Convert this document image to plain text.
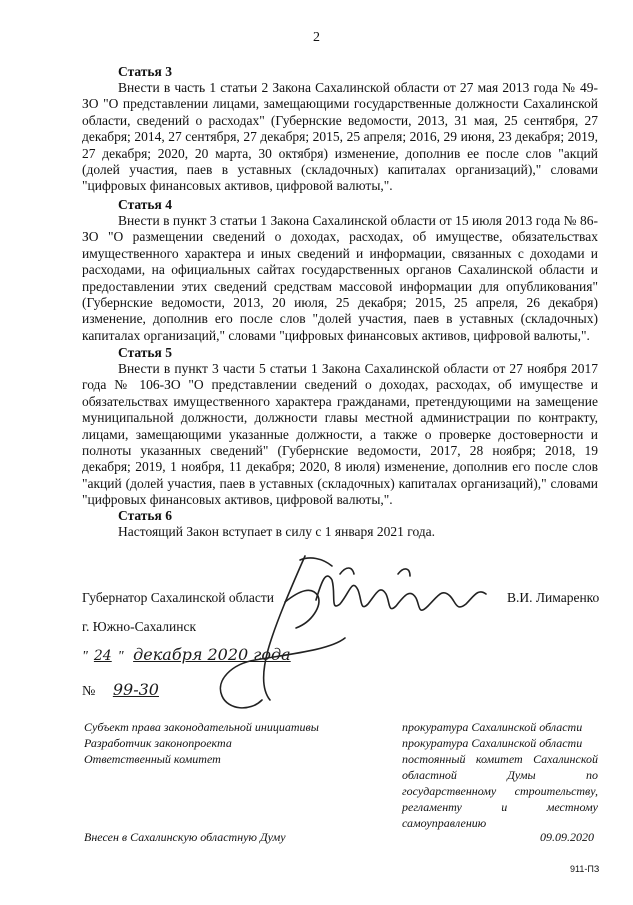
2
Статья 3
Внести в часть 1 статьи 2 Закона Сахалинской области от 27 мая 2013 года № 49-ЗО "О представлении лицами, замещающими государственные должности Сахалинской области, сведений о расходах" (Губернские ведомости, 2013, 31 мая, 25 сентября, 27 декабря; 2014, 27 сентября, 27 декабря; 2015, 25 апреля; 2016, 29 июня, 23 декабря; 2019, 27 декабря; 2020, 20 марта, 30 октября) изменение, дополнив ее после слов "акций (долей участия, паев в уставных (складочных) капиталах организаций)," словами "цифровых финансовых активов, цифровой валюты,".
Статья 4
Внести в пункт 3 статьи 1 Закона Сахалинской области от 15 июля 2013 года № 86-ЗО "О размещении сведений о доходах, расходах, об имуществе, обязательствах имущественного характера и иных сведений и информации, связанных с доходами и расходами, на официальных сайтах государственных органов Сахалинской области и предоставлении этих сведений средствам массовой информации для опубликования" (Губернские ведомости, 2013, 20 июля, 25 декабря; 2015, 25 апреля, 26 декабря) изменение, дополнив его после слов "долей участия, паев в уставных (складочных) капиталах организаций," словами "цифровых финансовых активов, цифровой валюты,".
Статья 5
Внести в пункт 3 части 5 статьи 1 Закона Сахалинской области от 27 ноября 2017 года № 106-ЗО "О представлении сведений о доходах, расходах, об имуществе и обязательствах имущественного характера гражданами, претендующими на замещение муниципальной должности, должности главы местной администрации по контракту, лицами, замещающими указанные должности, а также о проверке достоверности и полноты указанных сведений" (Губернские ведомости, 2017, 28 ноября; 2018, 19 декабря; 2019, 1 ноября, 11 декабря; 2020, 8 июля) изменение, дополнив его после слов "акций (долей участия, паев в уставных (складочных) капиталах организаций)," словами "цифровых финансовых активов, цифровой валюты,".
Статья 6
Настоящий Закон вступает в силу с 1 января 2021 года.
Губернатор Сахалинской области	В.И. Лимаренко
г. Южно-Сахалинск
" 24 " декабря 2020 года
№ 99-30
Субъект права законодательной инициативы
Разработчик законопроекта
Ответственный комитет
прокуратура Сахалинской области
прокуратура Сахалинской области
постоянный комитет Сахалинской областной Думы по государственному строительству, регламенту и местному самоуправлению
Внесен в Сахалинскую областную Думу	09.09.2020
911-ПЗ
